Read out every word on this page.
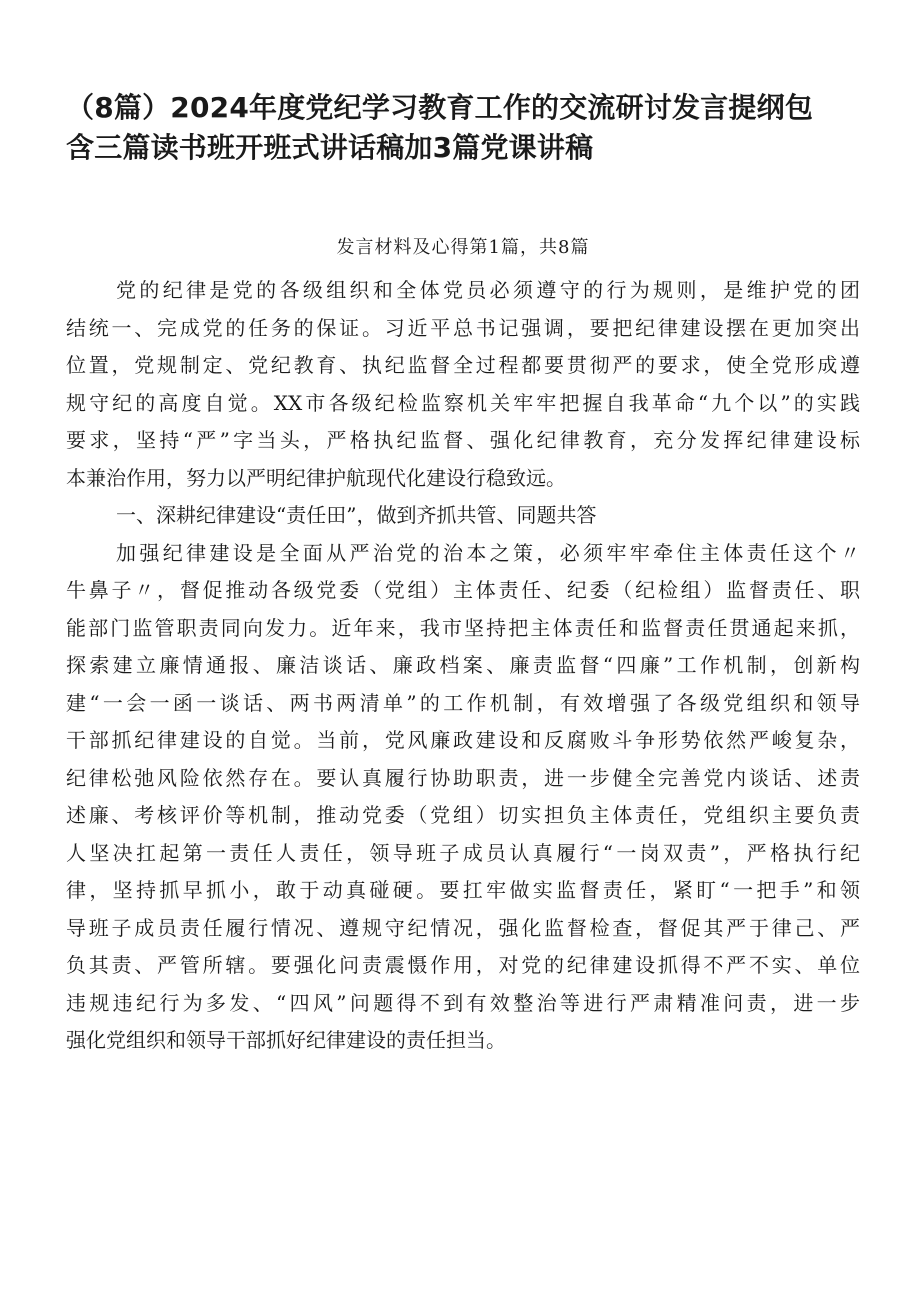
（8篇）2024年度党纪学习教育工作的交流研讨发言提纲包
含三篇读书班开班式讲话稿加3篇党课讲稿
发言材料及心得第1篇，共8篇
党的纪律是党的各级组织和全体党员必须遵守的行为规则，是维护党的团
结统一、完成党的任务的保证。习近平总书记强调，要把纪律建设摆在更加突出
位置，党规制定、党纪教育、执纪监督全过程都要贯彻严的要求，使全党形成遵
规守纪的高度自觉。XX市各级纪检监察机关牢牢把握自我革命“九个以”的实践
要求，坚持“严”字当头，严格执纪监督、强化纪律教育，充分发挥纪律建设标
本兼治作用，努力以严明纪律护航现代化建设行稳致远。
一、深耕纪律建设“责任田”，做到齐抓共管、同题共答
加强纪律建设是全面从严治党的治本之策，必须牢牢牵住主体责任这个〃
牛鼻子〃，督促推动各级党委（党组）主体责任、纪委（纪检组）监督责任、职
能部门监管职责同向发力。近年来，我市坚持把主体责任和监督责任贯通起来抓，
探索建立廉情通报、廉洁谈话、廉政档案、廉责监督“四廉”工作机制，创新构
建“一会一函一谈话、两书两清单”的工作机制，有效增强了各级党组织和领导
干部抓纪律建设的自觉。当前，党风廉政建设和反腐败斗争形势依然严峻复杂，
纪律松弛风险依然存在。要认真履行协助职责，进一步健全完善党内谈话、述责
述廉、考核评价等机制，推动党委（党组）切实担负主体责任，党组织主要负责
人坚决扛起第一责任人责任，领导班子成员认真履行“一岗双责”，严格执行纪
律，坚持抓早抓小，敢于动真碰硬。要扛牢做实监督责任，紧盯“一把手”和领
导班子成员责任履行情况、遵规守纪情况，强化监督检查，督促其严于律己、严
负其责、严管所辖。要强化问责震慑作用，对党的纪律建设抓得不严不实、单位
违规违纪行为多发、“四风”问题得不到有效整治等进行严肃精准问责，进一步
强化党组织和领导干部抓好纪律建设的责任担当。
